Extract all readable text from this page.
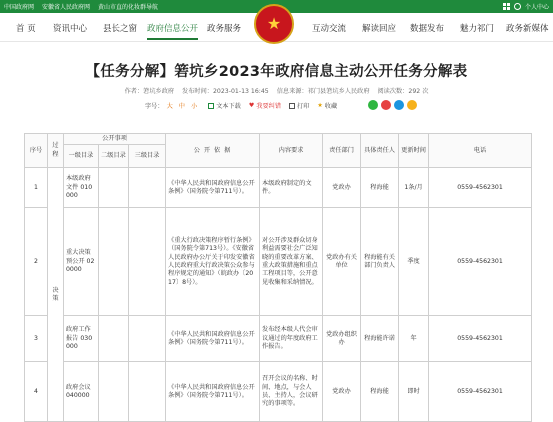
中国政府网 安徽省人民政府网 黄山市直的化妆群导航	个人中心
首 页 资讯中心 县长之窗 政府信息公开 政务服务 ★	互动交流 解读回应 数据发布 魅力祁门 政务新媒体
【任务分解】箬坑乡2023年政府信息主动公开任务分解表
作者：箬坑乡政府 发布时间：2023-01-13 16:45 信息来源：祁门县箬坑乡人民政府 阅读次数：292 次
字号： 大 中 小	文本下载 ♥ 我要纠错	打印 ★ 收藏
序号	过程	公开事项			公 开 依 据	内容要求	责任部门	具体责任人	更新时间	电话
		一级目录	二级目录	三级目录						
1	决策	本级政府文件 010000			《中华人民共和国政府信息公开条例》（国务院令第711号）。	本级政府制定的文件。	党政办	程海能	1条/月	0559-4562301
2		重大决策预公开 020000			《重大行政决策程序暂行条例》（国务院令第713号）。《安徽省人民政府办公厅关于印发安徽省人民政府重大行政决策公众参与程序规定的通知》（皖政办〔2017〕8号）。	对公开涉及群众切身利益需要社会广泛知晓的重要改革方案、重大政策措施和重点工程项目等，公开意见收集和采纳情况。	党政办有关单位	程海能有关部门负责人	季度	0559-4562301
3		政府工作报告 030000			《中华人民共和国政府信息公开条例》（国务院令第711号）。	发布经本级人代会审议通过的年度政府工作报告。	党政办组织办	程海能许诺	年	0559-4562301
4		政府会议 040000			《中华人民共和国政府信息公开条例》（国务院令第711号）。	召开会议的名称、时间、地点，与会人员、主持人，会议研究的事项等。	党政办	程海能	即时	0559-4562301
